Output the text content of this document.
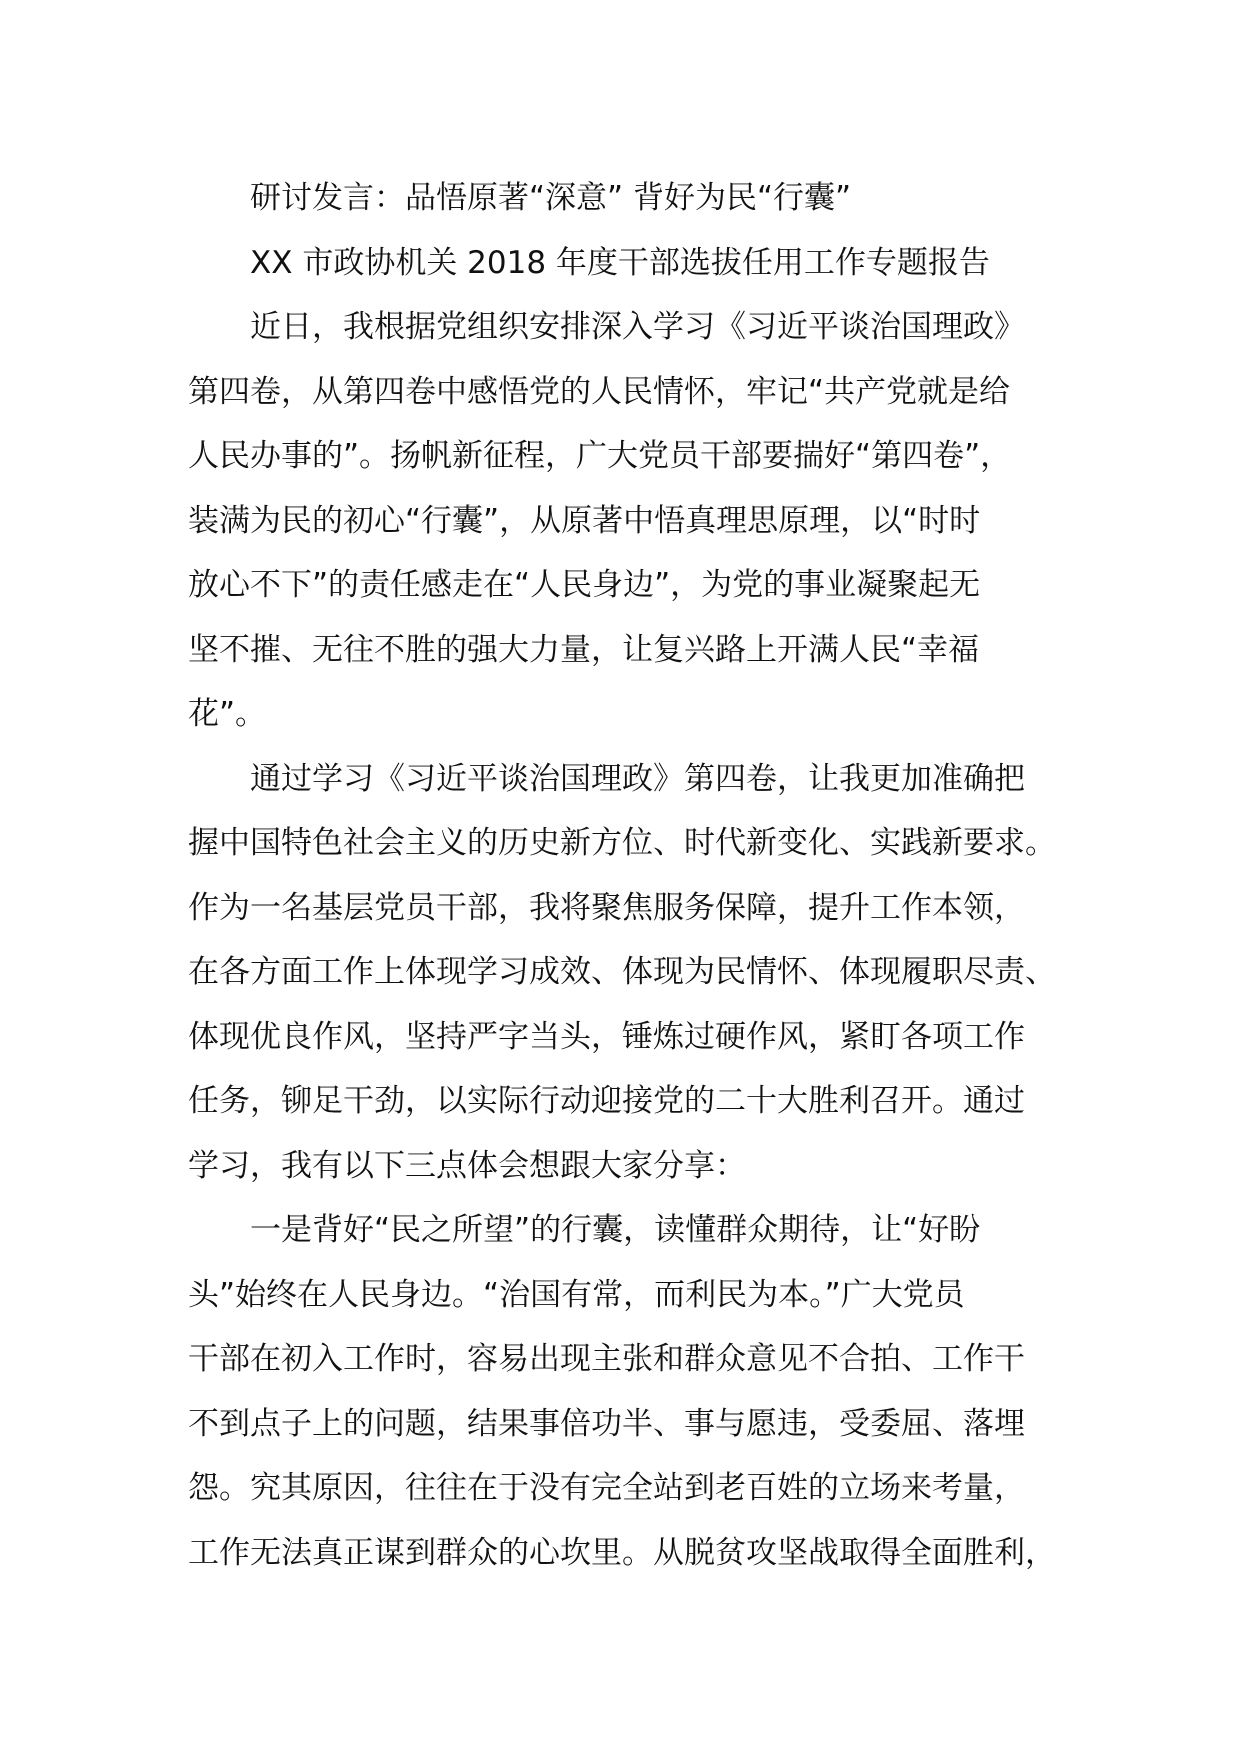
研讨发言：品悟原著“深意” 背好为民“行囊”
XX 市政协机关 2018 年度干部选拔任用工作专题报告
近日，我根据党组织安排深入学习《习近平谈治国理政》
第四卷，从第四卷中感悟党的人民情怀，牢记“共产党就是给
人民办事的”。扬帆新征程，广大党员干部要揣好“第四卷”，
装满为民的初心“行囊”，从原著中悟真理思原理，以“时时
放心不下”的责任感走在“人民身边”，为党的事业凝聚起无
坚不摧、无往不胜的强大力量，让复兴路上开满人民“幸福
花”。
通过学习《习近平谈治国理政》第四卷，让我更加准确把
握中国特色社会主义的历史新方位、时代新变化、实践新要求。
作为一名基层党员干部，我将聚焦服务保障，提升工作本领，
在各方面工作上体现学习成效、体现为民情怀、体现履职尽责、
体现优良作风，坚持严字当头，锤炼过硬作风，紧盯各项工作
任务，铆足干劲，以实际行动迎接党的二十大胜利召开。通过
学习，我有以下三点体会想跟大家分享：
一是背好“民之所望”的行囊，读懂群众期待，让“好盼
头”始终在人民身边。“治国有常，而利民为本。”广大党员
干部在初入工作时，容易出现主张和群众意见不合拍、工作干
不到点子上的问题，结果事倍功半、事与愿违，受委屈、落埋
怨。究其原因，往往在于没有完全站到老百姓的立场来考量，
工作无法真正谋到群众的心坎里。从脱贫攻坚战取得全面胜利，
